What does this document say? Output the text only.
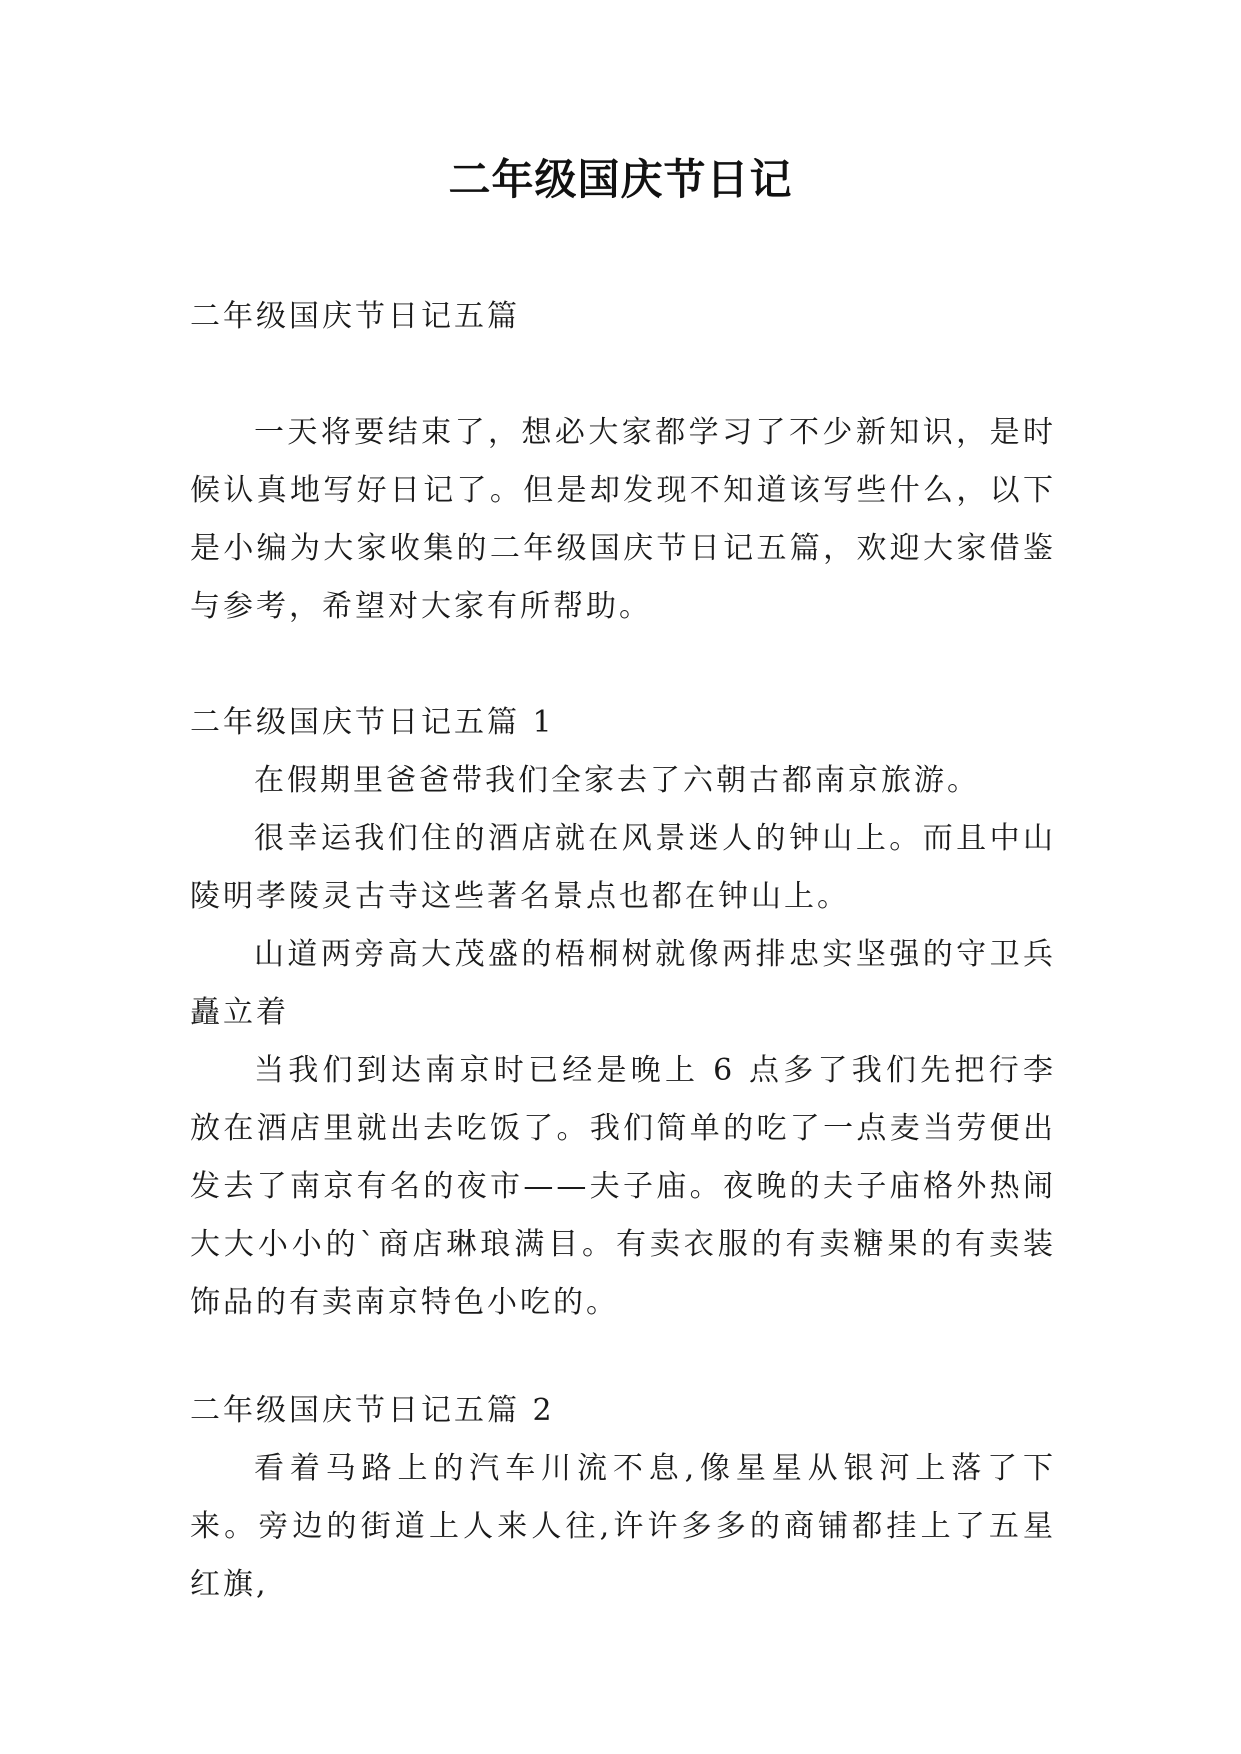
二年级国庆节日记

二年级国庆节日记五篇

一天将要结束了，想必大家都学习了不少新知识，是时候认真地写好日记了。但是却发现不知道该写些什么，以下是小编为大家收集的二年级国庆节日记五篇，欢迎大家借鉴与参考，希望对大家有所帮助。

二年级国庆节日记五篇 1

在假期里爸爸带我们全家去了六朝古都南京旅游。

很幸运我们住的酒店就在风景迷人的钟山上。而且中山陵明孝陵灵古寺这些著名景点也都在钟山上。

山道两旁高大茂盛的梧桐树就像两排忠实坚强的守卫兵矗立着

当我们到达南京时已经是晚上 6 点多了我们先把行李放在酒店里就出去吃饭了。我们简单的吃了一点麦当劳便出发去了南京有名的夜市——夫子庙。夜晚的夫子庙格外热闹大大小小的`商店琳琅满目。有卖衣服的有卖糖果的有卖装饰品的有卖南京特色小吃的。

二年级国庆节日记五篇 2

看着马路上的汽车川流不息,像星星从银河上落了下来。旁边的街道上人来人往,许许多多的商铺都挂上了五星红旗,
